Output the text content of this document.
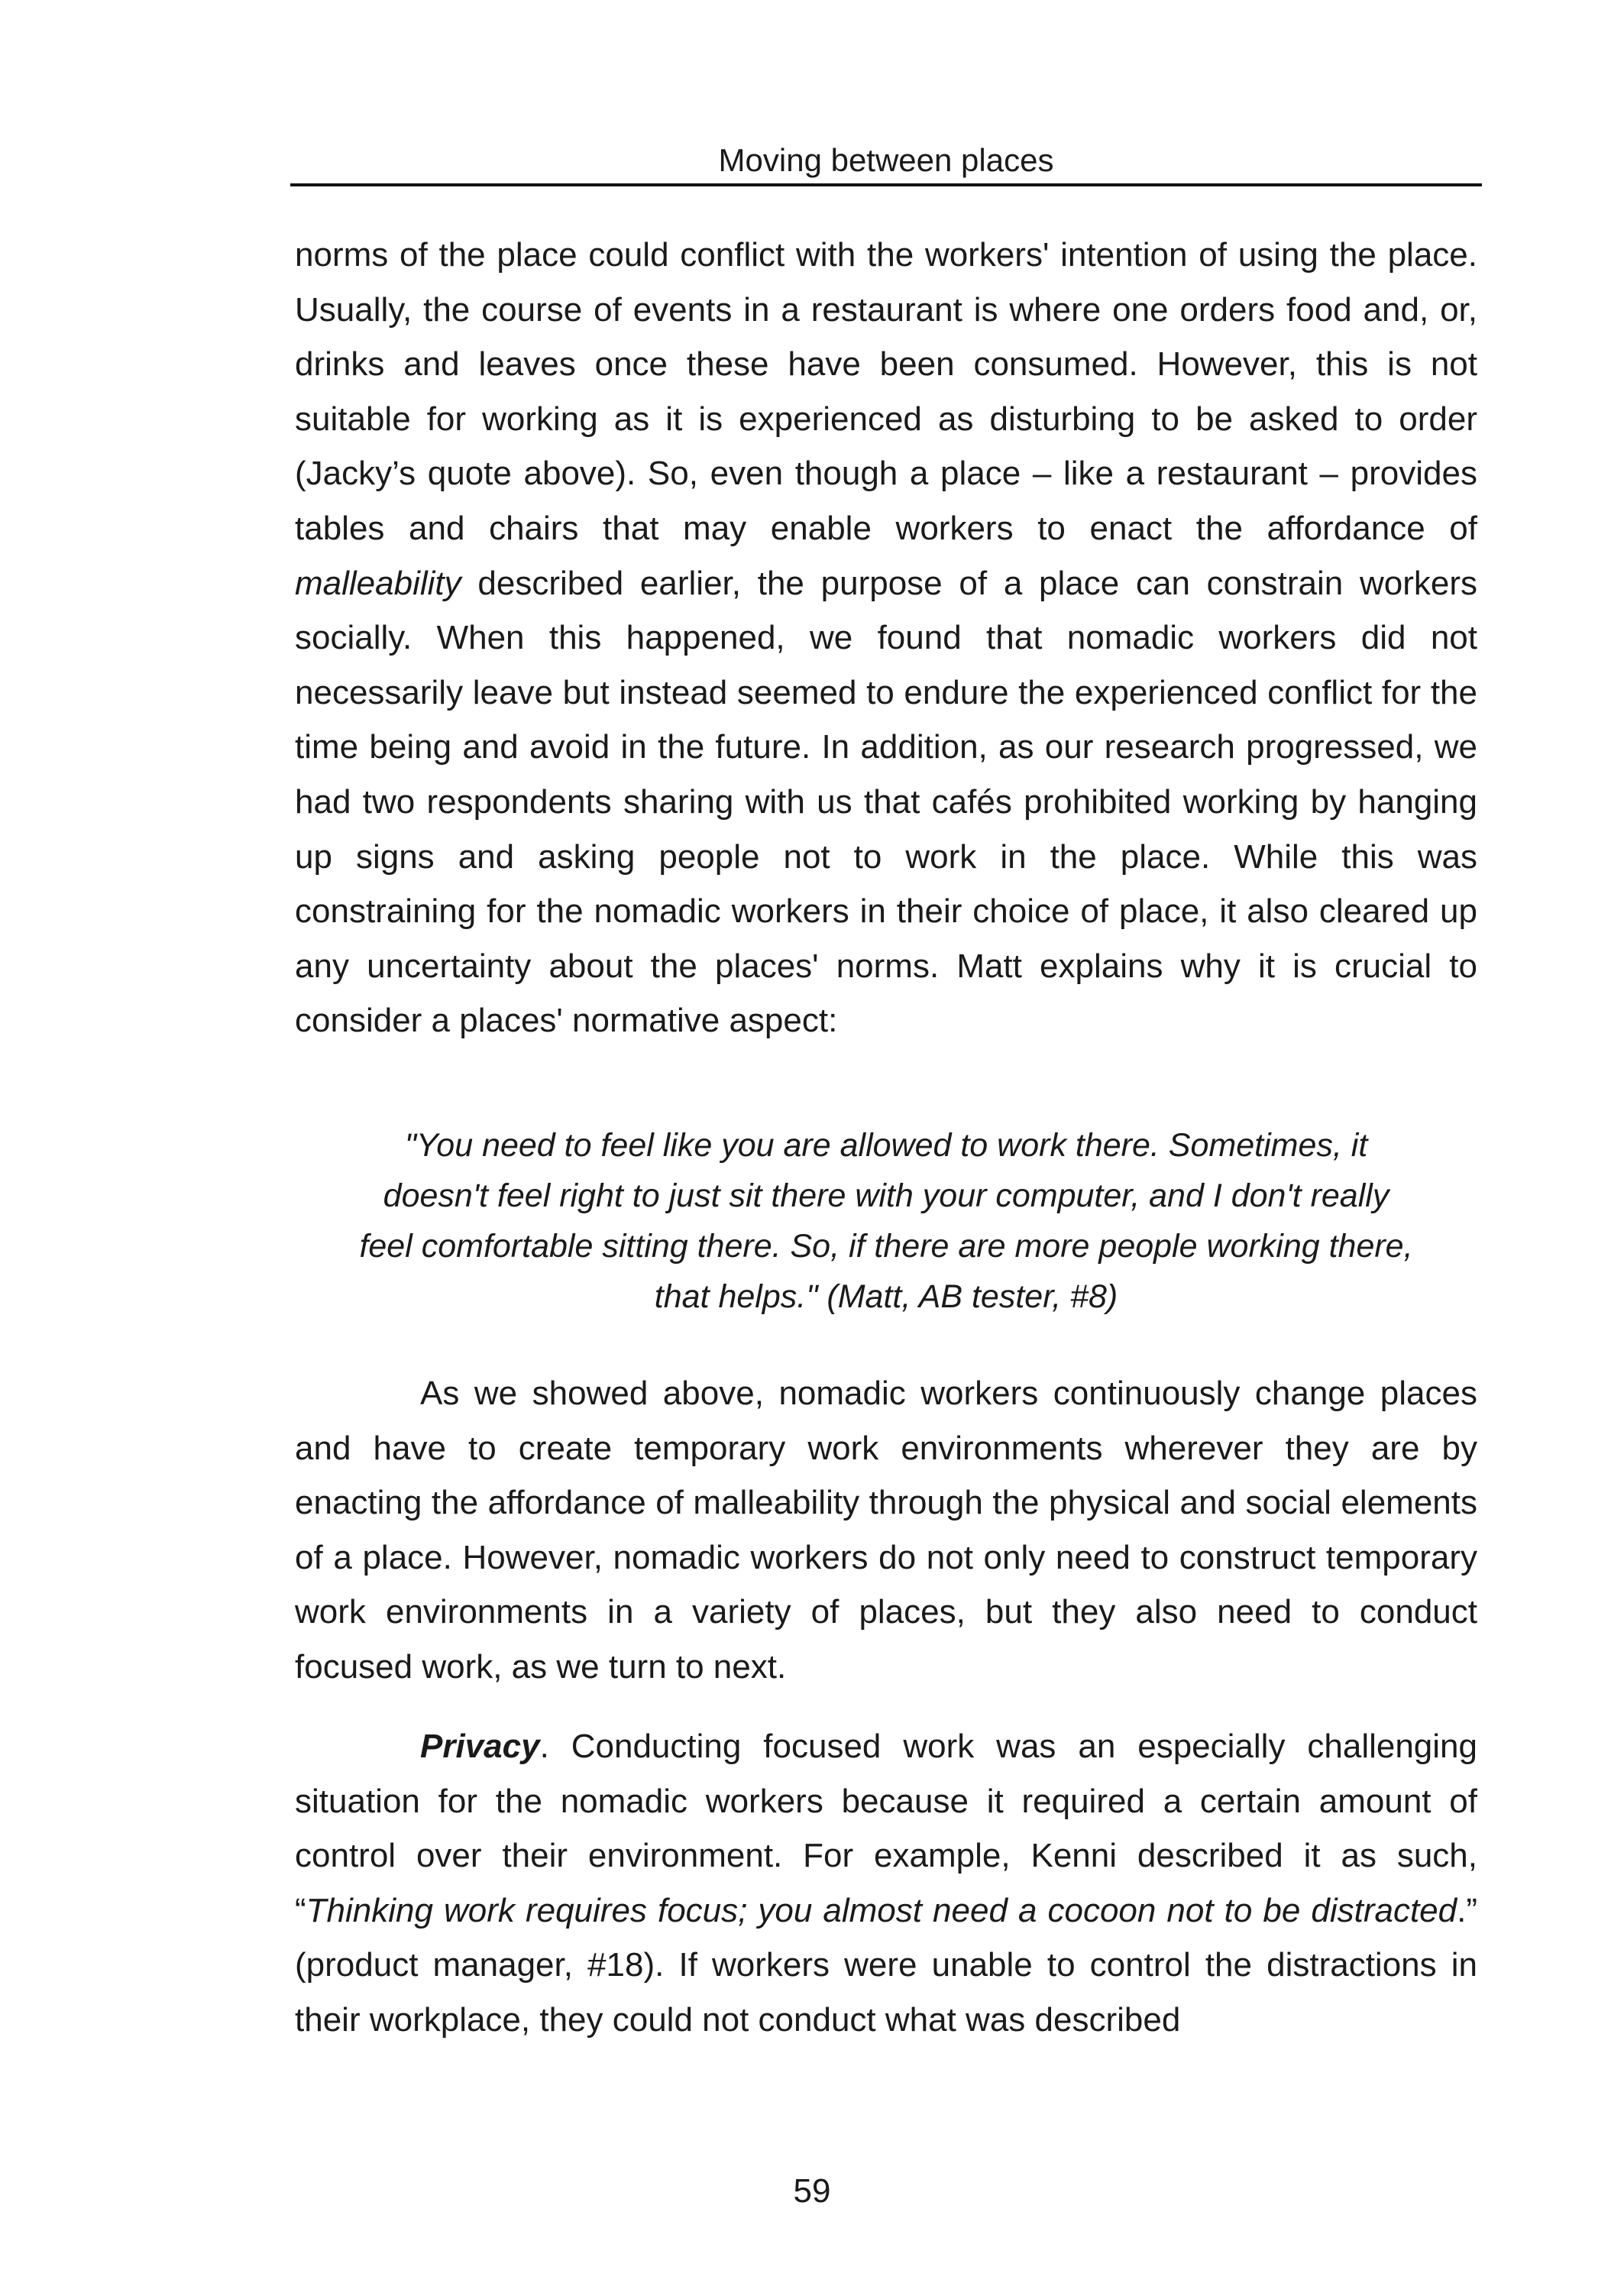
Moving between places

norms of the place could conflict with the workers' intention of using the place. Usually, the course of events in a restaurant is where one orders food and, or, drinks and leaves once these have been consumed. However, this is not suitable for working as it is experienced as disturbing to be asked to order (Jacky’s quote above). So, even though a place – like a restaurant – provides tables and chairs that may enable workers to enact the affordance of malleability described earlier, the purpose of a place can constrain workers socially. When this happened, we found that nomadic workers did not necessarily leave but instead seemed to endure the experienced conflict for the time being and avoid in the future. In addition, as our research progressed, we had two respondents sharing with us that cafés prohibited working by hanging up signs and asking people not to work in the place. While this was constraining for the nomadic workers in their choice of place, it also cleared up any uncertainty about the places' norms. Matt explains why it is crucial to consider a places' normative aspect:

"You need to feel like you are allowed to work there. Sometimes, it doesn't feel right to just sit there with your computer, and I don't really feel comfortable sitting there. So, if there are more people working there, that helps." (Matt, AB tester, #8)

As we showed above, nomadic workers continuously change places and have to create temporary work environments wherever they are by enacting the affordance of malleability through the physical and social elements of a place. However, nomadic workers do not only need to construct temporary work environments in a variety of places, but they also need to conduct focused work, as we turn to next.

Privacy. Conducting focused work was an especially challenging situation for the nomadic workers because it required a certain amount of control over their environment. For example, Kenni described it as such, “Thinking work requires focus; you almost need a cocoon not to be distracted.” (product manager, #18). If workers were unable to control the distractions in their workplace, they could not conduct what was described

59
